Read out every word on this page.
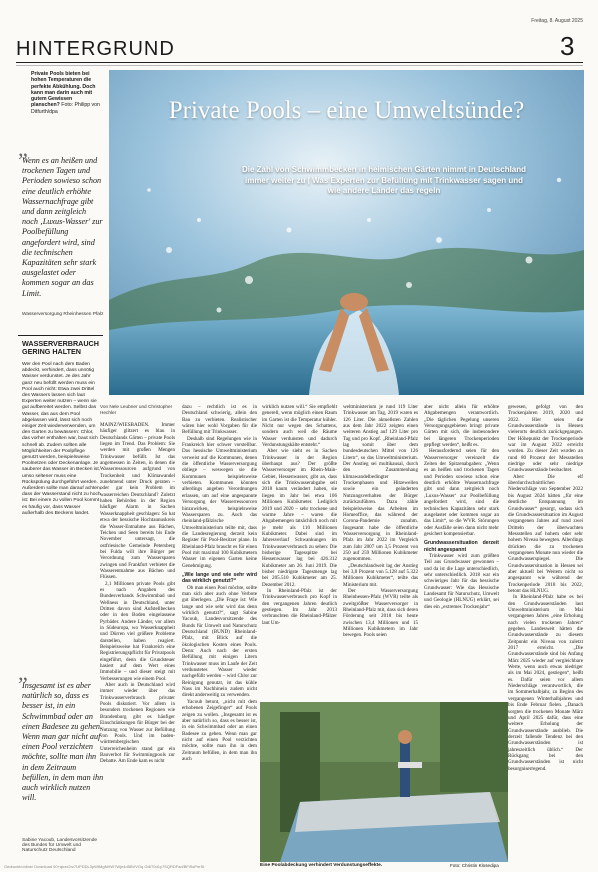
Freitag, 8. August 2025
HINTERGRUND	3
Private Pools bieten bei hohen Temperaturen die perfekte Abkühlung. Doch kann man darin auch mit gutem Gewissen planschen? Foto: Philipp von Ditfurth/dpa
„
Wenn es an heißen und trockenen Tagen und Perioden sowieso schon eine deutlich erhöhte Wassernachfrage gibt und dann zeitgleich noch ‚Luxus-Wasser' zur Poolbefüllung angefordert wird, sind die technischen Kapazitäten sehr stark ausgelastet oder kommen sogar an das Limit.
Wasserversorgung Rheinhessen Pfalz
WASSERVERBRAUCH GERING HALTEN
Wer den Pool nach dem Baden abdeckt, verhindert, dass unnötig Wasser verdunstet. Je des Jahr ganz neu befüllt werden muss ein Pool auch nicht: Etwa zwei Drittel des Wassers lassen sich laut Experten weiter nutzen – wenn sie gut aufbereitet werden. Selbst das Wasser, das aus dem Pool abgelassen wird, lässt sich noch einiger Zeit wiederverwenden, um den Garten zu bewässern: Chlor, das vorher enthalten war, baut sich schnell ab. Zudem sollten alle Möglichkeiten der Poolpflege genutzt werden, beispielsweise Poolnetzen oder Deckenanlage. Je sauberer das Wasser im Becken ist, umso seltener muss eine Rückspülung durchgeführt werden. Außerdem sollte man darauf achten, dass der Wasserstand nicht zu hoch ist: Bei einem zu vollen Pool kommt es häufig vor, dass Wasser außerhalb des Beckens landet.
„
Insgesamt ist es aber natürlich so, dass es besser ist, in ein Schwimmbad oder an einen Badesee zu gehen. Wenn man gar nicht auf einen Pool verzichten möchte, sollte man ihn in dem Zeitraum befüllen, in dem man ihn auch wirklich nutzen will.
Sabine Yacoub, Landesvorsitzende des Bundes für Umwelt und Naturschutz Deutschland
Private Pools – eine Umweltsünde?
Die Zahl von Schwimmbecken in heimischen Gärten nimmt in Deutschland immer weiter zu | Was Experten zur Befüllung mit Trinkwasser sagen und wie andere Länder das regeln
Von Nele Leubner und Christopher Hechler

MAINZ/WIESBADEN. Immer häufiger glitzert es blau in Deutschlands Gärten – private Pools liegen im Trend. Das Problem: Sie werden mit großen Mengen Trinkwasser befüllt. Ist das angemessen in Zeiten, in denen die Wasserressourcen aufgrund von Trockenheit und Klimawandel zunehmend unter Druck geraten – oder gar kein Problem im wasserreichen Deutschland? Zuletzt haben Behörden in der Region häufiger Alarm in Sachen Wasserknappheit geschlagen: So hat etwa der hessische Hochtaunuskreis die Wasser-Entnahme aus Bächen, Teichen und Seen bereits bis Ende November untersagt, die ostfriesische Gemeinde Petersberg bei Fulda will ihre Bürger per Verordnung zum Wassersparen zwingen und Frankfurt verbietet die Wasserentnahme aus Bächen und Flüssen.

2,1 Millionen private Pools gibt es nach Angaben des Bundesverbands Schwimmbad und Wellness in Deutschland, unter Dritten davon sind Aufstellbecken oder in den Boden eingelassene Pyrbäder. Andere Länder, vor allem in Südeuropa, wo Wasserknappheit und Dürren viel größere Probleme darstellen, haben reagiert. Beispielsweise hat Frankreich eine Registrierungspflicht für Privatpools eingeführt, denn die Grundsteuer hasiert auf dem Wert eines Immobilie – und dieser steigt mit Verbesserungen wie einem Pool.

Aber auch in Deutschland wird immer wieder über das Trinkwasserverbrauch privater Pools diskutiert. Vor allem in besonders trockenen Regionen wie Brandenburg gibt es häufiger Einschränkungen für Bürger bei der Nutzung von Wasser zur Befüllung von Pools. Und im baden-württembergischen Unterreichenheim stand gar ein Bauverbot für Swimmingpools zur Debatte. Am Ende kam es nicht

dazu – rechtlich ist es in Deutschland schwierig, allein den Bau zu verbieten. Realistischer wären hier wohl Vorgaben für die Befüllung mit Trinkwasser.

Deshalb sind Regelungen wie in Frankreich hier schwer vorstellbar. Das hessische Umweltministerium verweist auf die Kommunen, denen die öffentliche Wasserversorgung obliege – weswegen sie die Kommunen beispielsweise verbieten. Kommunen könnten allerdings angeben Verordnungen erlassen, um auf eine angespannte Versorgung der Wasserressourcen hinzuwirken, beispielsweise Wassersparen zu. Auch das rheinland-pfälzische Umweltministerium teilte mit, dass die Landesregierung derzeit kein Register für Pool-Besitzer plane. In Rheinland-Pfalz braucht es für einen Pool mit maximal 100 Kubikmetern Wasser im eigenen Garten keine Genehmigung.

„Wie lange und wie sehr wird das wirklich genutzt?“

Ob man einen Pool möchte, sollte man sich aber auch ohne Verbote gut überlegen. „Die Frage ist: Wie lange und wie sehr wird das denn wirklich genutzt?“, sagt Sabine Yacoub, Landesvorsitzende des Bunds für Umwelt und Naturschutz Deutschland (BUND) Rheinland-Pfalz, mit Blick auf die ökologischen Kosten eines Pools. Denn: Auch nach der ersten Befüllung mit einigen Litern Trinkwasser muss im Laufe der Zeit verdunstetes Wasser wieder nachgefüllt werden – wird Chlor zur Reinigung genutzt, ist das kühle Nass im Nachhinein zudem nicht direkt anderweitig zu verwenden.

Yacoub betont, „nicht mit dem erhobenen Zeigefinger“ auf Pools zeigen zu wollen. „Insgesamt ist es aber natürlich so, dass es besser ist, in ein Schwimmbad oder an einen Badesee zu gehen. Wenn man gar nicht auf einen Pool verzichten möchte, sollte man ihn in dem Zeitraum befüllen, in dem man ihn auch

wirklich nutzen will.“ Sie empfiehlt generell, wenn möglich einen Raum im Garten ist die Temperatur kühler. Nicht nur wegen des Schattens, sondern auch weil die Räume Wasser verdunsten und dadurch Verdunstungskälte entsteht.“

Aber wie sieht es in Sachen Trinkwasser in der Region überhaupt aus? Der größte Wasserversorger im Rhein-Main-Gebiet, Hessenwasser, gibt an, dass sich die Trinkwasserabgabe seit 2018 kaum verändert haben, sie liegen im Jahr bei etwa 106 Millionen Kubikmeter. Lediglich 2019 und 2020 – sehr trockene und warme Jahre – waren die Abgabemengen tatsächlich noch mit je mehr als 110 Millionen Kubikmeter. Dabei sind im Jahresverlauf Schwankungen im Trinkwasserverbrauch zu sehen: Die bisherige Tagesspitze bei Hessenwasser lag bei 426.312 Kubikmeter am 26. Juni 2019. Die bisher niedrigste Tagesmenge lag bei 205.510 Kubikmeter am 25. Dezember 2012.

In Rheinland-Pfalz ist der Trinkwasserverbrauch pro Kopf in den vergangenen Jahren deutlich gestiegen. Im Jahr 2013 verbrauchten die Rheinland-Pfälzer laut Um-

weltministerium je rund 119 Liter Trinkwasser am Tag, 2019 waren es 126 Liter. Die aktuellsten Zahlen aus dem Jahr 2022 zeigten einen weiteren Anstieg auf 129 Liter pro Tag und pro Kopf. „Rheinland-Pfalz lag somit über dem bundesdeutschen Mittel von 126 Litern“, so das Umweltministerium. Der Anstieg sei multikausal, durch den Zusammenhang klimawandelbedingter Trockenphasen und Hitzewellen sowie ein geänderten Nutzungsverhalten der Bürger zurückzuführen. Dazu zähle beispielsweise das Arbeiten im Homeoffice, das während der Corona-Pandemie zunahm. Insgesamt habe die öffentliche Wasserversorgung in Rheinland-Pfalz im Jahr 2022 im Vergleich zum Jahr 2007 um 3,5 Prozent von 250 auf 259 Millionen Kubikmeter zugenommen.

„Deutschlandweit lag der Anstieg bei 3,8 Prozent von 5.128 auf 5.322 Millionen Kubikmeter“, teilte das Ministerium mit.

Der Wasserversorgung Rheinhessen-Pfalz (WVR) teilte als zweitgrößter Wasserversorger in Rheinland-Pfalz mit, dass sich deren Förderung seit 2018 bis heute zwischen 13,4 Millionen und 15 Millionen Kubikmetern im Jahr bewegen. Pools seien

aber nicht allein für erhöhte Abgabemengen verantwortlich. „Die täglichen Pegelung unseren Versorgungsgebieten bringt private Gärten mit sich, die insbesondere bei längeren Trockenperioden gepflegt werden“, heißt es.

Herausfordernd seien für den Wasserversorger vereinzelt die Zeiten der Spitzenabgaben: „Wenn es an heißen und trockenen Tagen und Perioden sowieso schon eine deutlich erhöhte Wassernachfrage gibt und dann zeitgleich noch ‚Luxus-Wasser‘ zur Poolbefüllung angefordert wird, sind die technischen Kapazitäten sehr stark ausgelastet oder kommen sogar an das Limit“, so die WVR. Störungen oder Ausfälle seien dann nicht mehr gesichert kompensierbar.

Grundwassersituation derzeit nicht angespannt

Trinkwasser wird zum größten Teil aus Grundwasser gewonnen – und da ist die Lage unterschiedlich, sehr unterschiedlich. 2018 war ein schwieriges Jahr für das hessische Grundwasser: Wie das Hessische Landesamt für Naturschutz, Umwelt und Geologie (HLNUG) erklärt, sei dies ein „extremes Trockenjahr“

gewesen, gefolgt von den Trockenjahren 2019, 2020 und 2022. Hier seien die Grundwasserstände in Hessen vielerorts deutlich zurückgegangen. Der Höhepunkt der Trockenperiode war im August 2022 erreicht worden. Zu dieser Zeit wurden an rund 80 Prozent der Messstellen niedrige oder sehr niedrige Grundwasserstände beobachtet.

Aber: Die elf überdurchschnittlichen Niederschläge von September 2022 bis August 2024 hätten „für eine deutliche Entspannung im Grundwasser“ gesorgt, sodass sich die Grundwassersituation im August vergangenen Jahres auf rund zwei Dritteln der überwachten Messstellen auf hohem oder sehr hohem Niveau bewegten. Allerdings drückten die zu trockenen vergangenen Monate nun wieder die Grundwasserspiegel. Die Grundwassersituation in Hessen sei aber aktuell bei Weitem nicht so angespannt wie während der Trockenperiode 2018 bis 2022, betont das HLNUG.

In Rheinland-Pfalz habe es bei den Grundwasserständen laut Umweltministerium im Mai vergangenen Jahres „eine Erholung nach vielen trockenen Jahren“ gegeben. Landesweit hätten die Grundwasserstände zu diesem Zeitpunkt ein Niveau von zuletzt 2017 erreicht. „Die Grundwasserstände sind bis Anfang März 2025 wieder auf vergleichbare Werte, wenn auch etwas niedriger als im Mai 2024, gestiegen“, heißt es. Dafür seien vor allem Niederschläge verantwortlich, die im Sommerhalbjahr, zu Beginn des vergangenen Winterhalbjahres und bis Ende Februar fielen. „Danach sorgten die trockenen Monate März und April 2025 dafür, dass eine weitere Erholung der Grundwasserstände ausblieb. Die derzeit fallende Tendenz bei den Grundwasserständen ist jahreszeitlich üblich.“ Der Rückgang bei den Grundwasserständen ist nicht besorgniserregend.

Eine Poolabdeckung verhindert Verdunstungseffekte.	Foto: Christin Klosedipa
Gedruckt/online/ Download 00+qbzx2rz7UPDDL3pWtMgNHW7Wje4d5BVVGq Gt6T0d1y7SQRDFad/BFiSsPerSt
